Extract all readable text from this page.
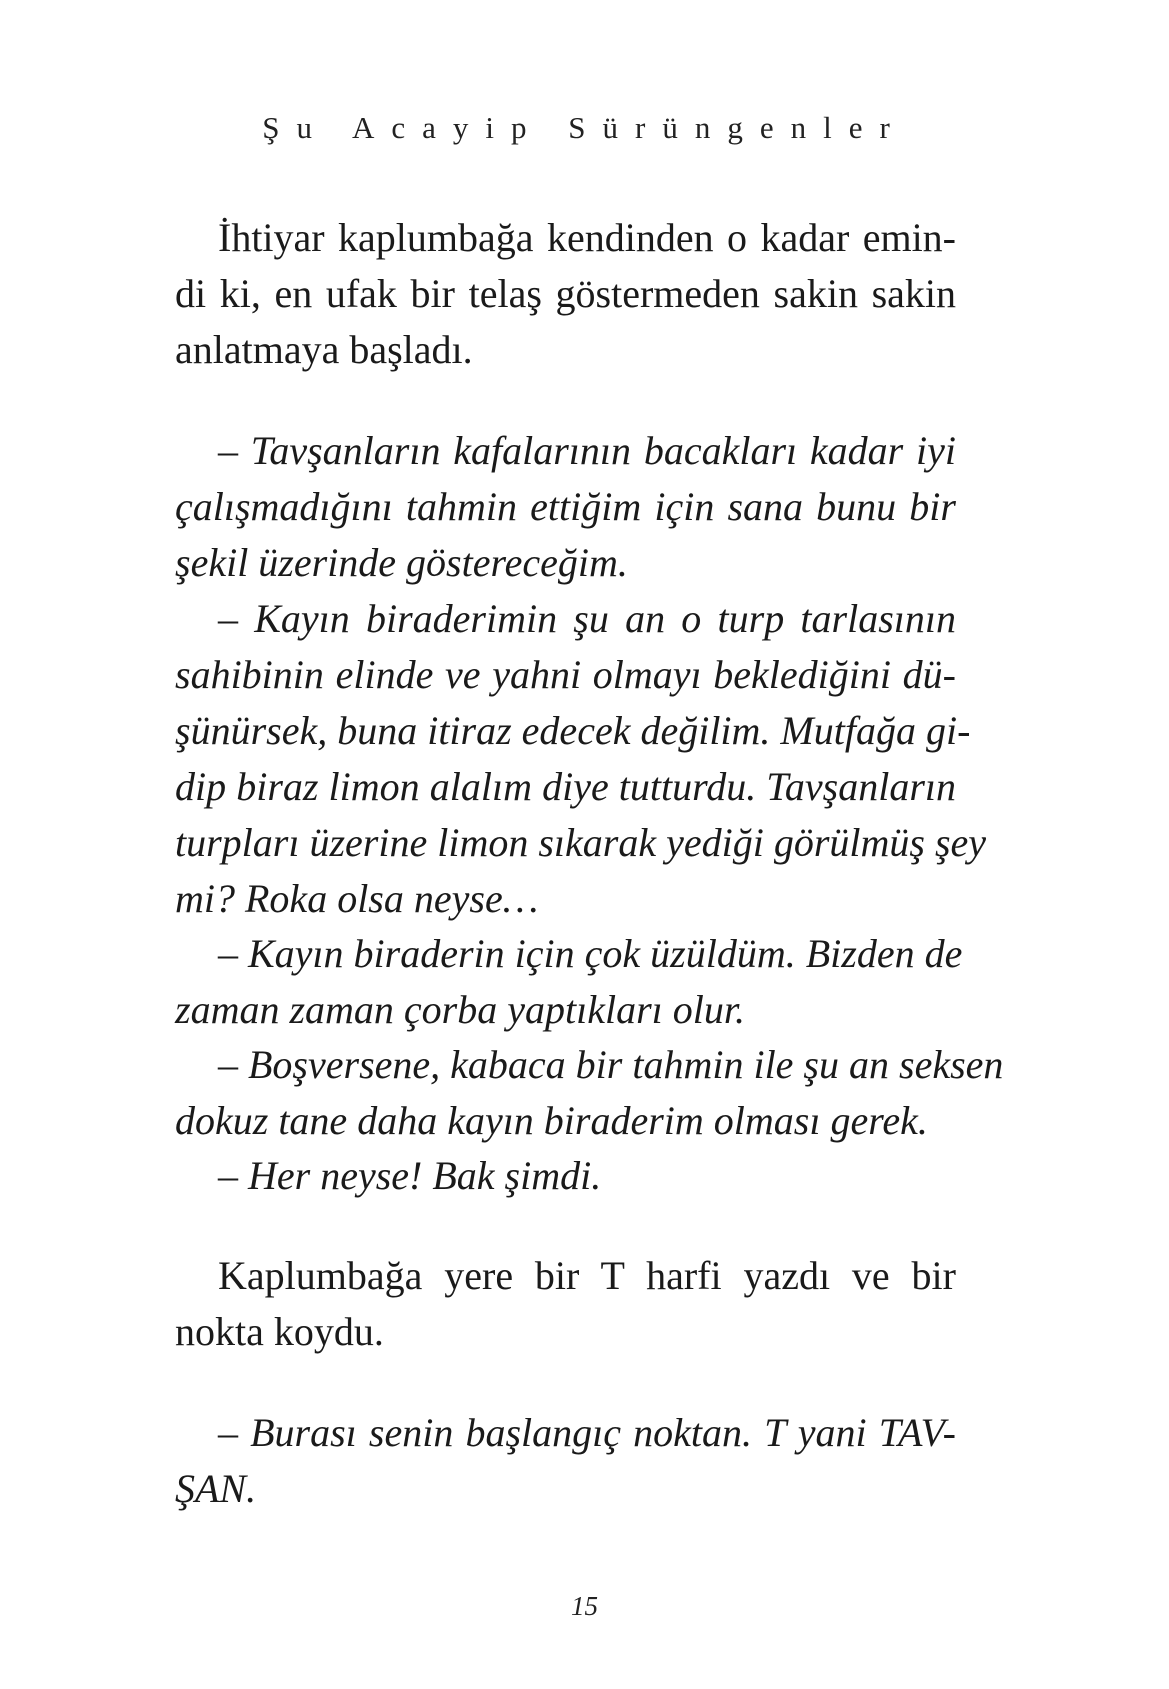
Şu Acayip Sürüngenler
İhtiyar kaplumbağa kendinden o kadar emin-
di ki, en ufak bir telaş göstermeden sakin sakin
anlatmaya başladı.
– Tavşanların kafalarının bacakları kadar iyi
çalışmadığını tahmin ettiğim için sana bunu bir
şekil üzerinde göstereceğim.
– Kayın biraderimin şu an o turp tarlasının
sahibinin elinde ve yahni olmayı beklediğini dü-
şünürsek, buna itiraz edecek değilim. Mutfağa gi-
dip biraz limon alalım diye tutturdu. Tavşanların
turpları üzerine limon sıkarak yediği görülmüş şey
mi? Roka olsa neyse…
– Kayın biraderin için çok üzüldüm. Bizden de
zaman zaman çorba yaptıkları olur.
– Boşversene, kabaca bir tahmin ile şu an seksen
dokuz tane daha kayın biraderim olması gerek.
– Her neyse! Bak şimdi.
Kaplumbağa yere bir T harfi yazdı ve bir
nokta koydu.
– Burası senin başlangıç noktan. T yani TAV-
ŞAN.
15
